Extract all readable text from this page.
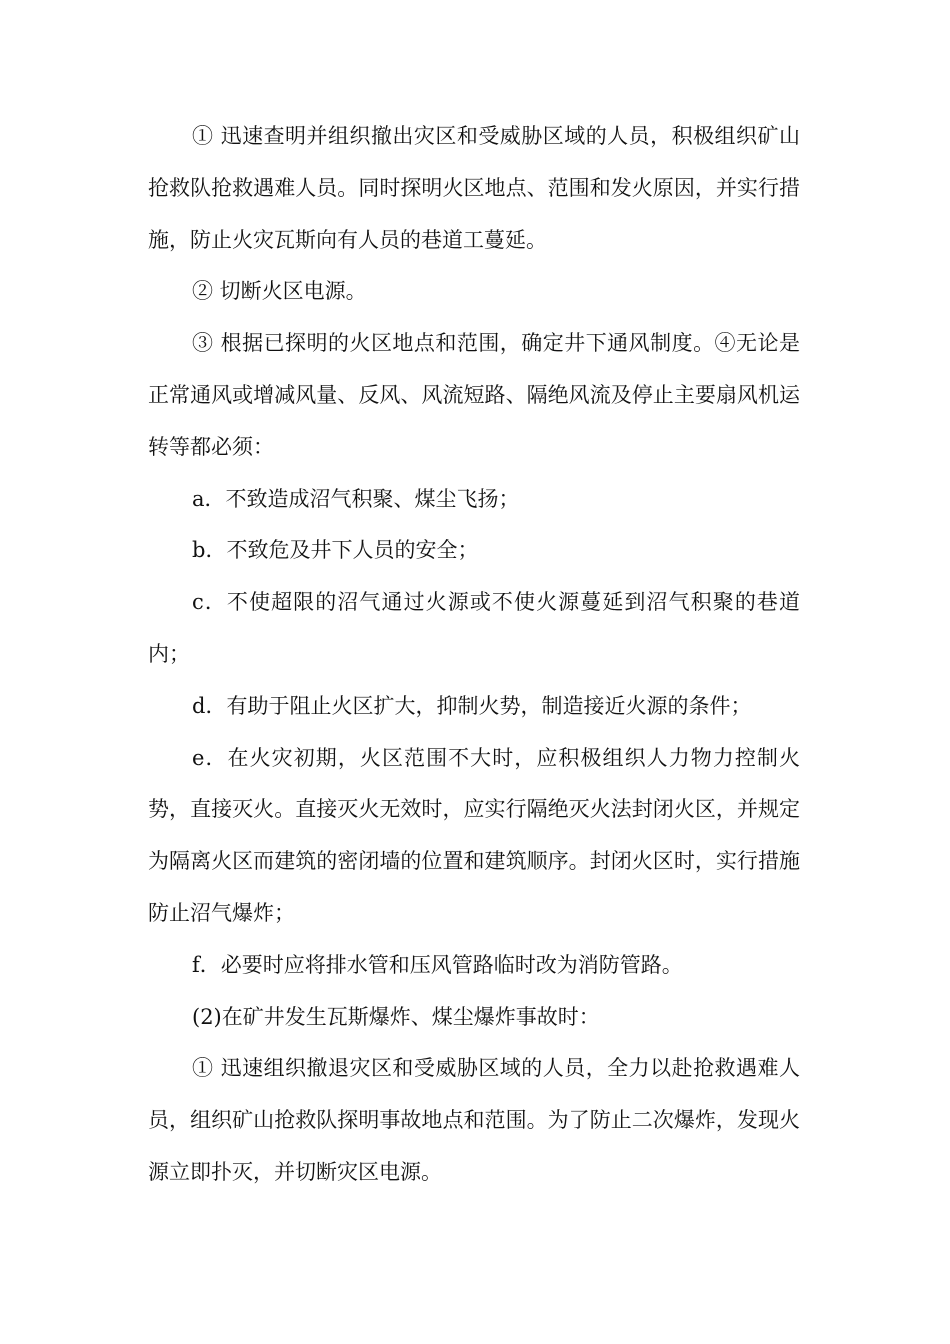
① 迅速查明并组织撤出灾区和受威胁区域的人员，积极组织矿山抢救队抢救遇难人员。同时探明火区地点、范围和发火原因，并实行措施，防止火灾瓦斯向有人员的巷道工蔓延。

② 切断火区电源。

③ 根据已探明的火区地点和范围，确定井下通风制度。④无论是正常通风或增减风量、反风、风流短路、隔绝风流及停止主要扇风机运转等都必须：

a．不致造成沼气积聚、煤尘飞扬；

b．不致危及井下人员的安全；

c．不使超限的沼气通过火源或不使火源蔓延到沼气积聚的巷道内；

d．有助于阻止火区扩大，抑制火势，制造接近火源的条件；

e．在火灾初期，火区范围不大时，应积极组织人力物力控制火势，直接灭火。直接灭火无效时，应实行隔绝灭火法封闭火区，并规定为隔离火区而建筑的密闭墙的位置和建筑顺序。封闭火区时，实行措施防止沼气爆炸；

f．必要时应将排水管和压风管路临时改为消防管路。

(2)在矿井发生瓦斯爆炸、煤尘爆炸事故时：

① 迅速组织撤退灾区和受威胁区域的人员，全力以赴抢救遇难人员，组织矿山抢救队探明事故地点和范围。为了防止二次爆炸，发现火源立即扑灭，并切断灾区电源。
